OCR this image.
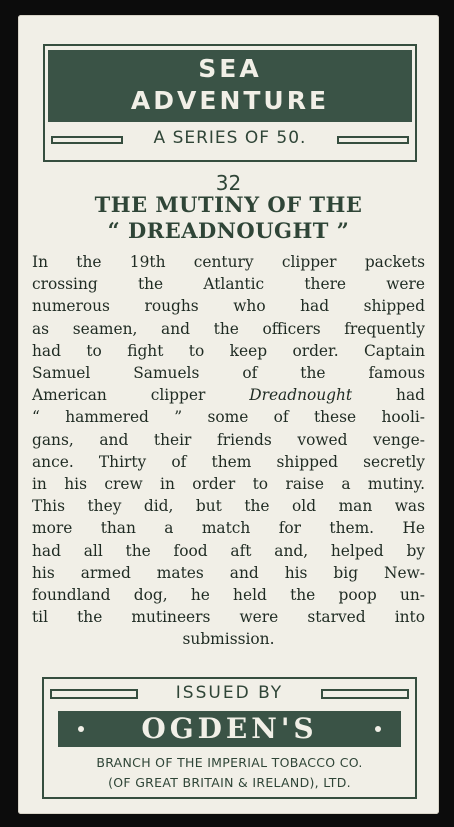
SEA
ADVENTURE
A SERIES OF 50.
32
THE MUTINY OF THE
“ DREADNOUGHT ”
In the 19th century clipper packets
crossing the Atlantic there were
numerous roughs who had shipped
as seamen, and the officers frequently
had to fight to keep order. Captain
Samuel Samuels of the famous
American clipper	Dreadnought	had
“ hammered ” some of these hooli-
gans, and their friends vowed venge-
ance. Thirty of them shipped secretly
in his crew in order to raise a mutiny.
This they did, but the old man was
more than a match for them. He
had all the food aft and, helped by
his armed mates and his big New-
foundland dog, he held the poop un-
til the mutineers were starved into
submission.
ISSUED BY
OGDEN'S
BRANCH OF THE IMPERIAL TOBACCO CO.
(OF GREAT BRITAIN & IRELAND), LTD.
